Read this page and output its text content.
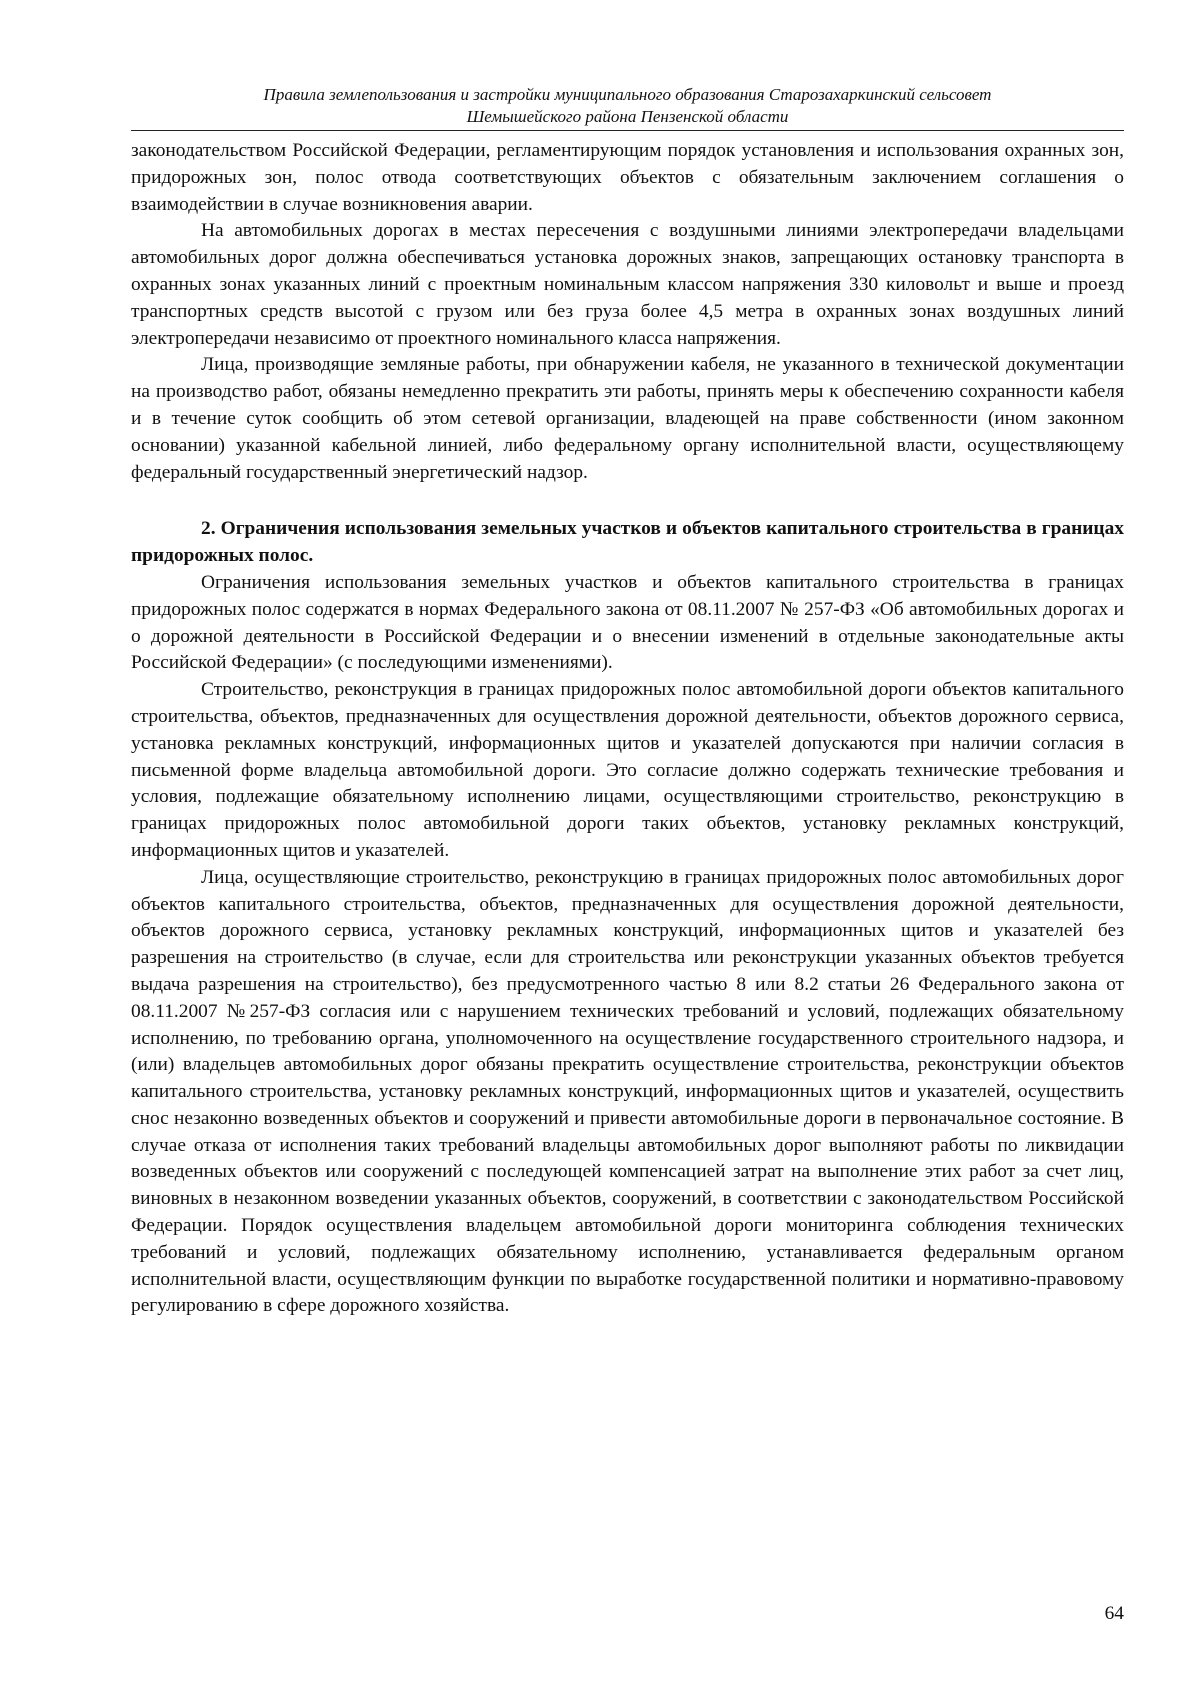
Правила землепользования и застройки муниципального образования Старозахаркинский сельсовет
Шемышейского района Пензенской области

законодательством Российской Федерации, регламентирующим порядок установления и использования охранных зон, придорожных зон, полос отвода соответствующих объектов с обязательным заключением соглашения о взаимодействии в случае возникновения аварии.

На автомобильных дорогах в местах пересечения с воздушными линиями электропередачи владельцами автомобильных дорог должна обеспечиваться установка дорожных знаков, запрещающих остановку транспорта в охранных зонах указанных линий с проектным номинальным классом напряжения 330 киловольт и выше и проезд транспортных средств высотой с грузом или без груза более 4,5 метра в охранных зонах воздушных линий электропередачи независимо от проектного номинального класса напряжения.

Лица, производящие земляные работы, при обнаружении кабеля, не указанного в технической документации на производство работ, обязаны немедленно прекратить эти работы, принять меры к обеспечению сохранности кабеля и в течение суток сообщить об этом сетевой организации, владеющей на праве собственности (ином законном основании) указанной кабельной линией, либо федеральному органу исполнительной власти, осуществляющему федеральный государственный энергетический надзор.

2. Ограничения использования земельных участков и объектов капитального строительства в границах придорожных полос.

Ограничения использования земельных участков и объектов капитального строительства в границах придорожных полос содержатся в нормах Федерального закона от 08.11.2007 № 257-ФЗ «Об автомобильных дорогах и о дорожной деятельности в Российской Федерации и о внесении изменений в отдельные законодательные акты Российской Федерации» (с последующими изменениями).

Строительство, реконструкция в границах придорожных полос автомобильной дороги объектов капитального строительства, объектов, предназначенных для осуществления дорожной деятельности, объектов дорожного сервиса, установка рекламных конструкций, информационных щитов и указателей допускаются при наличии согласия в письменной форме владельца автомобильной дороги. Это согласие должно содержать технические требования и условия, подлежащие обязательному исполнению лицами, осуществляющими строительство, реконструкцию в границах придорожных полос автомобильной дороги таких объектов, установку рекламных конструкций, информационных щитов и указателей.

Лица, осуществляющие строительство, реконструкцию в границах придорожных полос автомобильных дорог объектов капитального строительства, объектов, предназначенных для осуществления дорожной деятельности, объектов дорожного сервиса, установку рекламных конструкций, информационных щитов и указателей без разрешения на строительство (в случае, если для строительства или реконструкции указанных объектов требуется выдача разрешения на строительство), без предусмотренного частью 8 или 8.2 статьи 26 Федерального закона от 08.11.2007 №257-ФЗ согласия или с нарушением технических требований и условий, подлежащих обязательному исполнению, по требованию органа, уполномоченного на осуществление государственного строительного надзора, и (или) владельцев автомобильных дорог обязаны прекратить осуществление строительства, реконструкции объектов капитального строительства, установку рекламных конструкций, информационных щитов и указателей, осуществить снос незаконно возведенных объектов и сооружений и привести автомобильные дороги в первоначальное состояние. В случае отказа от исполнения таких требований владельцы автомобильных дорог выполняют работы по ликвидации возведенных объектов или сооружений с последующей компенсацией затрат на выполнение этих работ за счет лиц, виновных в незаконном возведении указанных объектов, сооружений, в соответствии с законодательством Российской Федерации. Порядок осуществления владельцем автомобильной дороги мониторинга соблюдения технических требований и условий, подлежащих обязательному исполнению, устанавливается федеральным органом исполнительной власти, осуществляющим функции по выработке государственной политики и нормативно-правовому регулированию в сфере дорожного хозяйства.

64
